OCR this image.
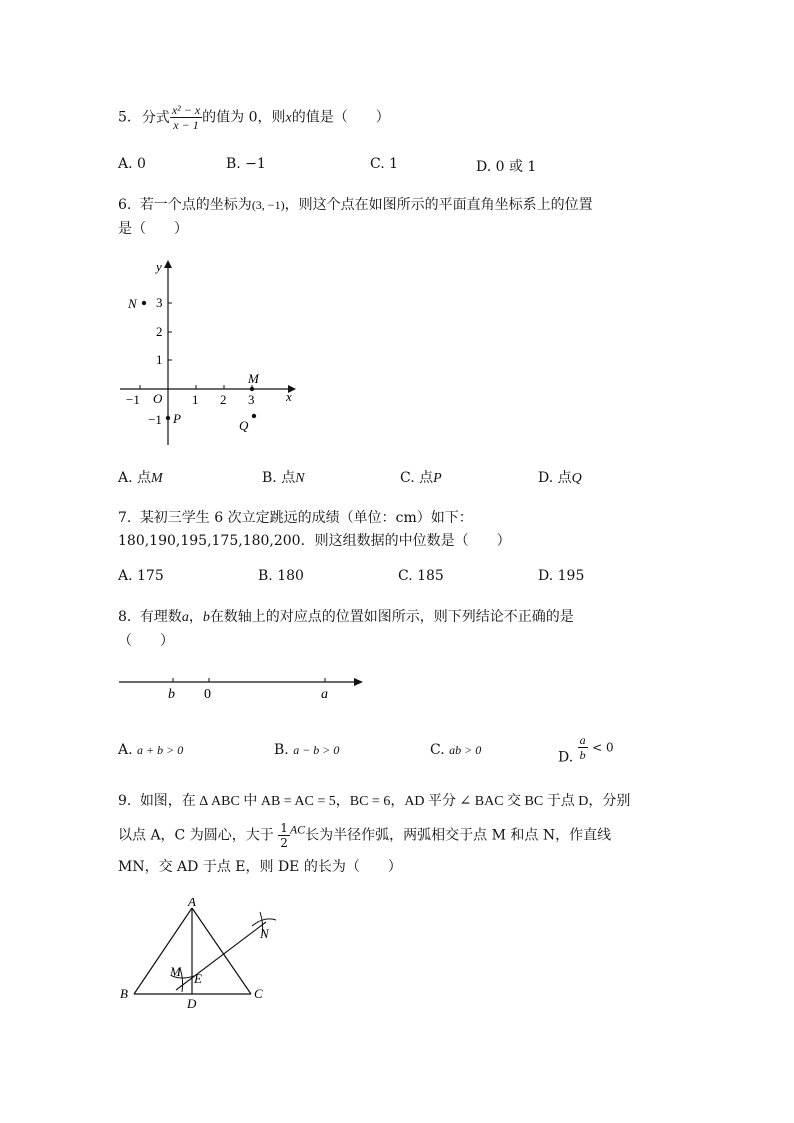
5. 分式 $\frac{\text{x² − x}}{x - 1}$ 的值为 0，则x的值是（　　）
A. 0	B. −1	C. 1	D. 0 或 1
6. 若一个点的坐标为(3, −1)，则这个点在如图所示的平面直角坐标系上的位置
是（　　）
x
y
O
−1	1 2 3
3
2
1
−1
N
M
P	Q
A. 点M	B. 点N	C. 点P	D. 点Q
7. 某初三学生 6 次立定跳远的成绩（单位：cm）如下：
180,190,195,175,180,200．则这组数据的中位数是（　　）
A. 175	B. 180	C. 185	D. 195
8. 有理数a，b在数轴上的对应点的位置如图所示，则下列结论不正确的是
（　　）
b 0	a
A. a + b > 0	B. a − b > 0	C. ab > 0	D. $\frac{a}{b} < 0$
9. 如图，在 Δ ABC 中 AB = AC = 5，BC = 6，AD 平分 ∠ BAC 交 BC 于点 D，分别
以点 A，C 为圆心，大于 $\frac{1}{2}$ AC长为半径作弧，两弧相交于点 M 和点 N，作直线
MN，交 AD 于点 E，则 DE 的长为（　　）
A
B	C
D
E
M
N
